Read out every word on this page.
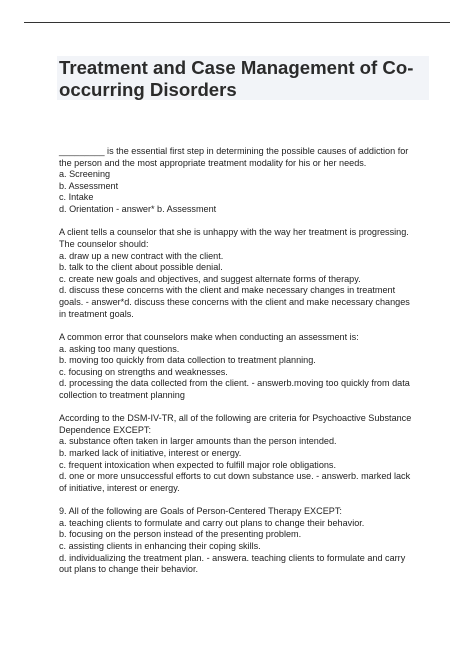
Treatment and Case Management of Co-
occurring Disorders
_________ is the essential first step in determining the possible causes of addiction for
the person and the most appropriate treatment modality for his or her needs.
a. Screening
b. Assessment
c. Intake
d. Orientation - answer* b. Assessment
A client tells a counselor that she is unhappy with the way her treatment is progressing.
The counselor should:
a. draw up a new contract with the client.
b. talk to the client about possible denial.
c. create new goals and objectives, and suggest alternate forms of therapy.
d. discuss these concerns with the client and make necessary changes in treatment
goals. - answer*d. discuss these concerns with the client and make necessary changes
in treatment goals.
A common error that counselors make when conducting an assessment is:
a. asking too many questions.
b. moving too quickly from data collection to treatment planning.
c. focusing on strengths and weaknesses.
d. processing the data collected from the client. - answerb.moving too quickly from data
collection to treatment planning
According to the DSM-IV-TR, all of the following are criteria for Psychoactive Substance
Dependence EXCEPT:
a. substance often taken in larger amounts than the person intended.
b. marked lack of initiative, interest or energy.
c. frequent intoxication when expected to fulfill major role obligations.
d. one or more unsuccessful efforts to cut down substance use. - answerb. marked lack
of initiative, interest or energy.
9. All of the following are Goals of Person-Centered Therapy EXCEPT:
a. teaching clients to formulate and carry out plans to change their behavior.
b. focusing on the person instead of the presenting problem.
c. assisting clients in enhancing their coping skills.
d. individualizing the treatment plan. - answera. teaching clients to formulate and carry
out plans to change their behavior.
